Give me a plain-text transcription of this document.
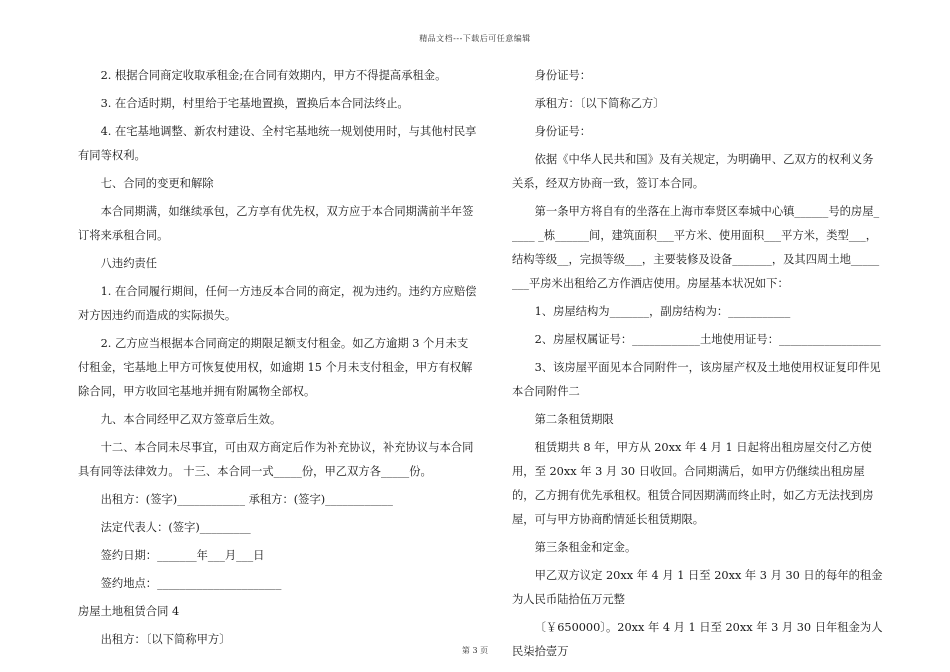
精品文档---下载后可任意编辑

2. 根据合同商定收取承租金;在合同有效期内，甲方不得提高承租金。

3. 在合适时期，村里给于宅基地置换，置换后本合同法终止。

4. 在宅基地调整、新农村建设、全村宅基地统一规划使用时，与其他村民享有同等权利。

七、合同的变更和解除

本合同期满，如继续承包，乙方享有优先权，双方应于本合同期满前半年签订将来承租合同。

八违约责任

1. 在合同履行期间，任何一方违反本合同的商定，视为违约。违约方应赔偿对方因违约而造成的实际损失。

2. 乙方应当根据本合同商定的期限足额支付租金。如乙方逾期 3 个月未支付租金，宅基地上甲方可恢复使用权，如逾期 15 个月未支付租金，甲方有权解除合同，甲方收回宅基地并拥有附属物全部权。

九、本合同经甲乙双方签章后生效。

十二、本合同未尽事宜，可由双方商定后作为补充协议，补充协议与本合同具有同等法律效力。 十三、本合同一式_____份，甲乙双方各_____份。

出租方：(签字)____________ 承租方：(签字)____________

法定代表人：(签字)_________

签约日期：_______年___月___日

签约地点：______________________

房屋土地租赁合同 4

出租方：〔以下简称甲方〕

身份证号：

承租方：〔以下简称乙方〕

身份证号：

依据《中华人民共和国》及有关规定，为明确甲、乙双方的权利义务关系，经双方协商一致，签订本合同。

第一条甲方将自有的坐落在上海市奉贤区奉城中心镇______号的房屋_____ _栋______间，建筑面积___平方米、使用面积___平方米，类型___，结构等级__，完损等级___，主要装修及设备_______，及其四周土地________平房米出租给乙方作酒店使用。房屋基本状况如下：

1、房屋结构为_______，副房结构为：___________

2、房屋权属证号：____________土地使用证号：__________________

3、该房屋平面见本合同附件一，该房屋产权及土地使用权证复印件见本合同附件二

第二条租赁期限

租赁期共 8 年，甲方从 20xx 年 4 月 1 日起将出租房屋交付乙方使用，至 20xx 年 3 月 30 日收回。合同期满后，如甲方仍继续出租房屋的，乙方拥有优先承租权。租赁合同因期满而终止时，如乙方无法找到房屋，可与甲方协商酌情延长租赁期限。

第三条租金和定金。

甲乙双方议定 20xx 年 4 月 1 日至 20xx 年 3 月 30 日的每年的租金为人民币陆拾伍万元整

〔￥650000〕。20xx 年 4 月 1 日至 20xx 年 3 月 30 日年租金为人民柒拾壹万

第 3 页
